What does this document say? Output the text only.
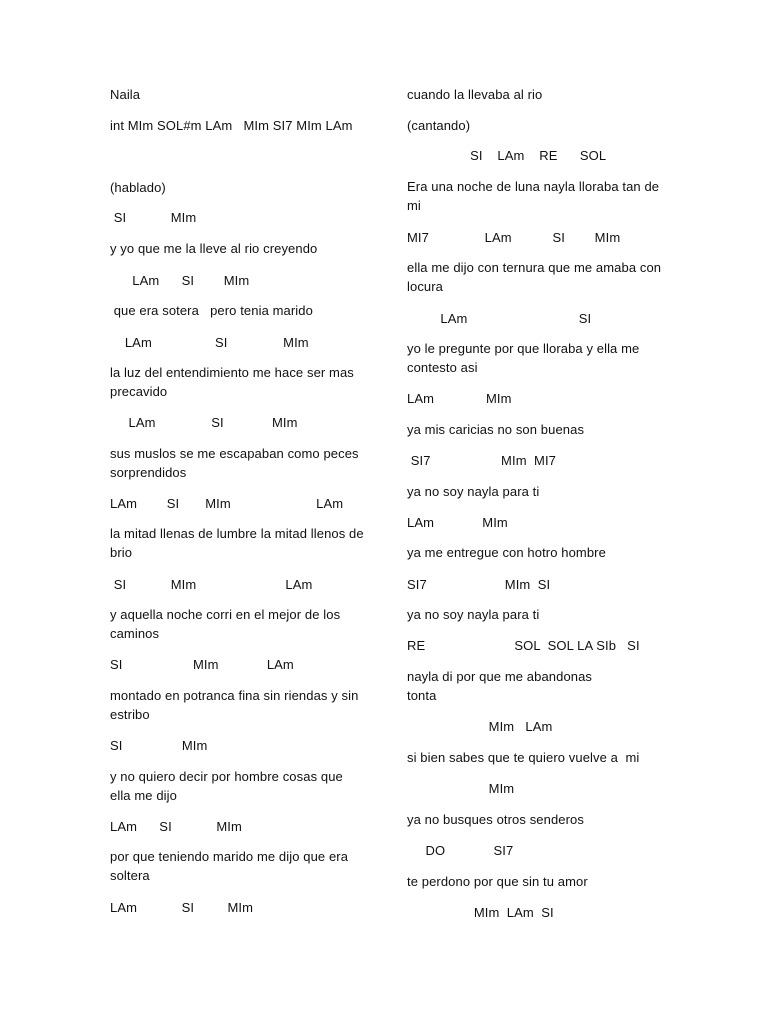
Naila

int MIm SOL#m LAm   MIm SI7 MIm LAm

(hablado)

SI            MIm

y yo que me la lleve al rio creyendo

LAm      SI        MIm

que era sotera   pero tenia marido

LAm                 SI               MIm

la luz del entendimiento me hace ser mas

precavido

LAm               SI             MIm

sus muslos se me escapaban como peces

sorprendidos

LAm        SI       MIm                       LAm

la mitad llenas de lumbre la mitad llenos de

brio

SI            MIm                        LAm

y aquella noche corri en el mejor de los

caminos

SI                   MIm             LAm

montado en potranca fina sin riendas y sin

estribo

SI                MIm

y no quiero decir por hombre cosas que

ella me dijo

LAm      SI            MIm

por que teniendo marido me dijo que era

soltera

LAm            SI         MIm

cuando la llevaba al rio

(cantando)

SI    LAm    RE      SOL

Era una noche de luna nayla lloraba tan de

mi

MI7               LAm           SI        MIm

ella me dijo con ternura que me amaba con

locura

LAm                              SI

yo le pregunte por que lloraba y ella me

contesto asi

LAm              MIm

ya mis caricias no son buenas

SI7                   MIm  MI7

ya no soy nayla para ti

LAm             MIm

ya me entregue con hotro hombre

SI7                     MIm  SI

ya no soy nayla para ti

RE                        SOL  SOL LA SIb   SI

nayla di por que me abandonas

tonta

MIm   LAm

si bien sabes que te quiero vuelve a  mi

MIm

ya no busques otros senderos

DO             SI7

te perdono por que sin tu amor

MIm  LAm  SI
